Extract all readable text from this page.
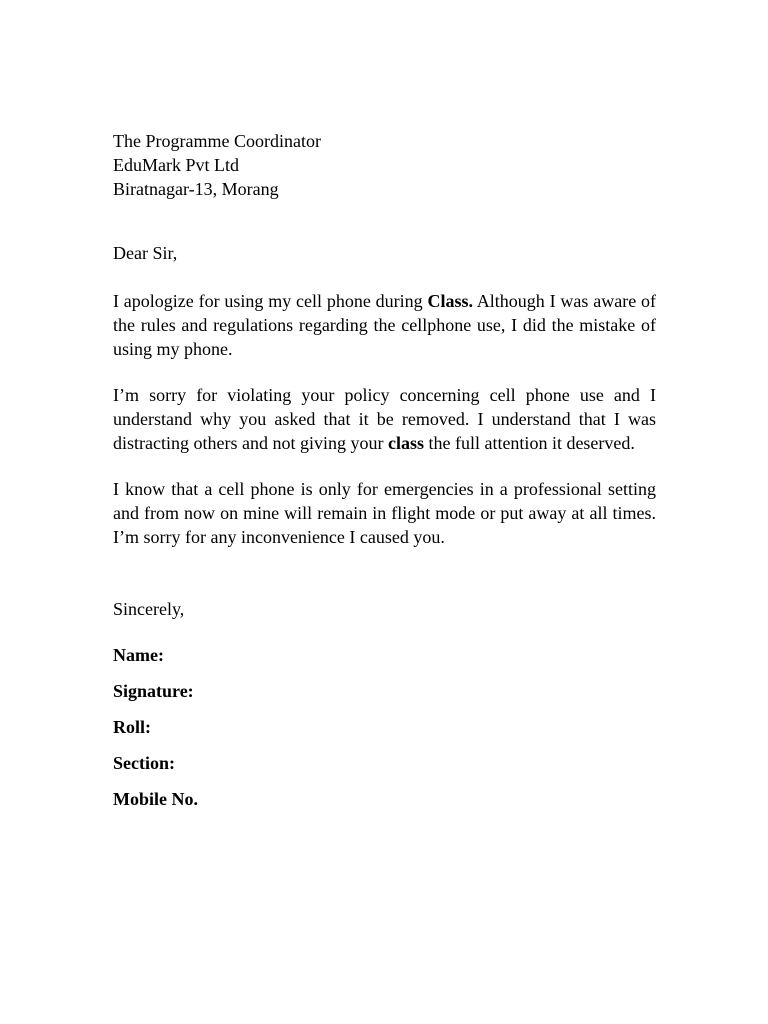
The Programme Coordinator
EduMark Pvt Ltd
Biratnagar-13, Morang
Dear Sir,

I apologize for using my cell phone during Class. Although I was aware of the rules and regulations regarding the cellphone use, I did the mistake of using my phone.

I’m sorry for violating your policy concerning cell phone use and I understand why you asked that it be removed. I understand that I was distracting others and not giving your class the full attention it deserved.

I know that a cell phone is only for emergencies in a professional setting and from now on mine will remain in flight mode or put away at all times. I’m sorry for any inconvenience I caused you.

Sincerely,
Name:
Signature:
Roll:
Section:
Mobile No.
